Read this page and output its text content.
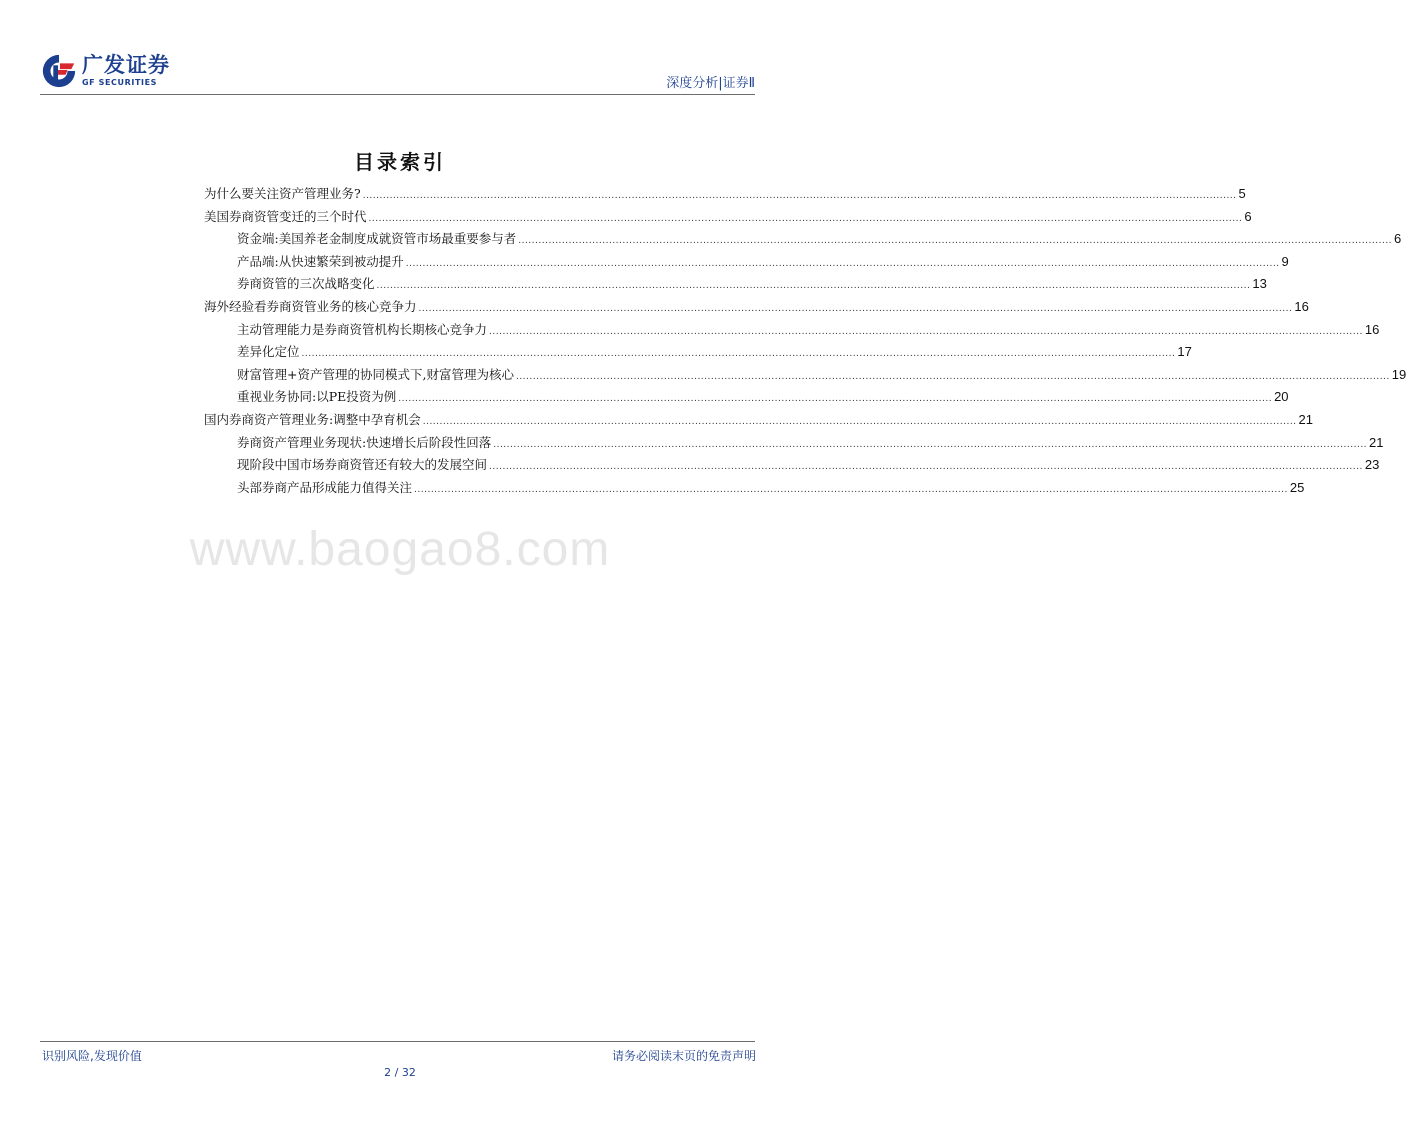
广发证券
GF SECURITIES	深度分析|证券Ⅱ
目录索引
为什么要关注资产管理业务? .................................................................................................................................................................................................................................................................... 5
美国券商资管变迁的三个时代 .................................................................................................................................................................................................................................................................... 6
资金端:美国养老金制度成就资管市场最重要参与者 .................................................................................................................................................................................................................................................................... 6
产品端:从快速繁荣到被动提升 .................................................................................................................................................................................................................................................................... 9
券商资管的三次战略变化 .................................................................................................................................................................................................................................................................... 13
海外经验看券商资管业务的核心竞争力 .................................................................................................................................................................................................................................................................... 16
主动管理能力是券商资管机构长期核心竞争力 .................................................................................................................................................................................................................................................................... 16
差异化定位 .................................................................................................................................................................................................................................................................... 17
财富管理+资产管理的协同模式下,财富管理为核心 .................................................................................................................................................................................................................................................................... 19
重视业务协同:以PE投资为例 .................................................................................................................................................................................................................................................................... 20
国内券商资产管理业务:调整中孕育机会 .................................................................................................................................................................................................................................................................... 21
券商资产管理业务现状:快速增长后阶段性回落 .................................................................................................................................................................................................................................................................... 21
现阶段中国市场券商资管还有较大的发展空间 .................................................................................................................................................................................................................................................................... 23
头部券商产品形成能力值得关注 .................................................................................................................................................................................................................................................................... 25
www.baogao8.com
识别风险,发现价值	请务必阅读末页的免责声明
2 / 32
